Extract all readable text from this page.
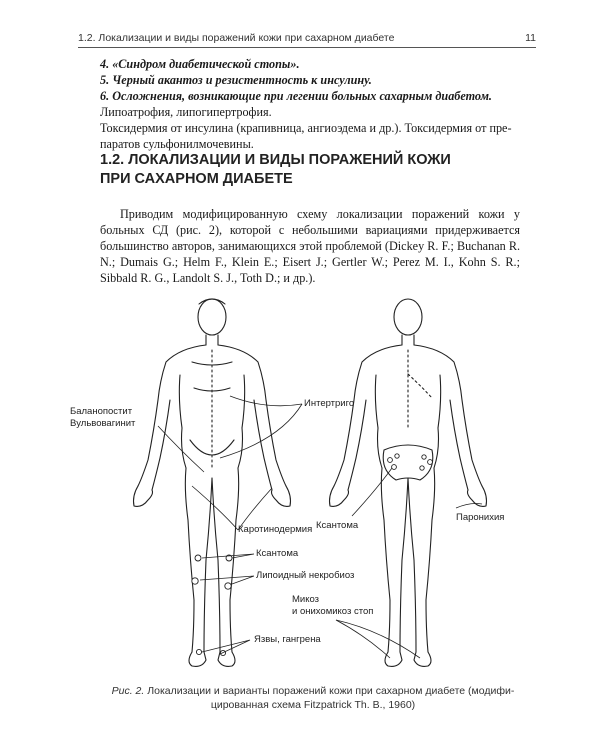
1.2. Локализации и виды поражений кожи при сахарном диабете	11

4. «Синдром диабетической стопы».

5. Черный акантоз и резистентность к инсулину.

6. Осложнения, возникающие при легении больных сахарным диабетом.

Липоатрофия, липогипертрофия.

Токсидермия от инсулина (крапивница, ангиоэдема и др.). Токсидермия от пре-

паратов сульфонилмочевины.

1.2. ЛОКАЛИЗАЦИИ И ВИДЫ ПОРАЖЕНИЙ КОЖИ
ПРИ САХАРНОМ ДИАБЕТЕ
Приводим модифицированную схему локализации поражений кожи у больных СД (рис. 2), которой с небольшими вариациями придерживается большинство авторов, занимающихся этой проблемой (Dickey R. F.; Buchanan R. N.; Dumais G.; Helm F., Klein E.; Eisert J.; Gertler W.; Perez M. I., Kohn S. R.; Sibbald R. G., Landolt S. J., Toth D.; и др.).
Баланопостит
Вульвовагинит
Интертриго
Каротинодермия
Ксантома
Липоидный некробиоз
Язвы, гангрена
Ксантома
Паронихия
Микоз
и онихомикоз стоп
Рис. 2. Локализации и варианты поражений кожи при сахарном диабете (модифи-
цированная схема Fitzpatrick Th. B., 1960)
